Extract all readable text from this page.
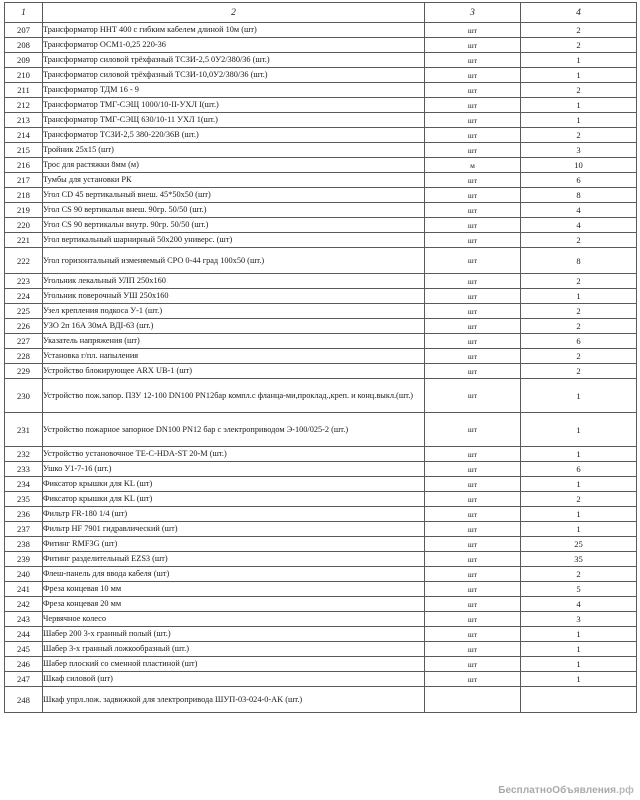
1	2	3	4
207	Трансформатор ННТ 400 с гибким кабелем длиной 10м (шт)	шт	2
208	Трансформатор ОСМ1-0,25 220-36	шт	2
209	Трансформатор силовой трёхфазный ТСЗИ-2,5 0У2/380/36 (шт.)	шт	1
210	Трансформатор силовой трёхфазный ТСЗИ-10,0У2/380/36 (шт.)	шт	1
211	Трансформатор ТДМ 16 - 9	шт	2
212	Трансформатор ТМГ-СЭЩ 1000/10-II-УХЛ I(шт.)	шт	1
213	Трансформатор ТМГ-СЭЩ 630/10-11 УХЛ 1(шт.)	шт	1
214	Трансформатор ТСЗИ-2,5 380-220/36В (шт.)	шт	2
215	Тройник 25х15 (шт)	шт	3
216	Трос для растяжки 8мм (м)	м	10
217	Тумбы для установки РК	шт	6
218	Угол CD 45 вертикальный внеш. 45*50х50 (шт)	шт	8
219	Угол CS 90 вертикальн внеш. 90гр. 50/50 (шт.)	шт	4
220	Угол CS 90 вертикальн внутр. 90гр. 50/50 (шт.)	шт	4
221	Угол вертикальный шарнирный 50х200 универс. (шт)	шт	2
222	Угол горизонтальный изменяемый СРО 0-44 град 100х50 (шт.)	шт	8
223	Угольник лекальный УЛП 250х160	шт	2
224	Угольник поверочный УШ 250х160	шт	1
225	Узел крепления подкоса У-1 (шт.)	шт	2
226	УЗО 2п 16А 30мА ВДI-63 (шт.)	шт	2
227	Указатель напряжения (шт)	шт	6
228	Установка г/пл. напыления	шт	2
229	Устройство блокирующее ARX UB-1 (шт)	шт	2
230	Устройство пож.запор. ПЗУ 12-100 DN100 PN12бар компл.с фланца-ми,проклад.,креп. и конц.выкл.(шт.)	шт	1
231	Устройство пожарное запорное DN100 PN12 бар с электроприводом Э-100/025-2 (шт.)	шт	1
232	Устройство установочное TE-C-HDA-ST 20-M (шт.)	шт	1
233	Ушко У1-7-16 (шт.)	шт	6
234	Фиксатор крышки для KL (шт)	шт	1
235	Фиксатор крышки для KL (шт)	шт	2
236	Фильтр FR-180 1/4 (шт)	шт	1
237	Фильтр HF 7901 гидравлический (шт)	шт	1
238	Фитинг RMF3G (шт)	шт	25
239	Фитинг разделительный EZS3 (шт)	шт	35
240	Флеш-панель для ввода кабеля (шт)	шт	2
241	Фреза концевая 10 мм	шт	5
242	Фреза концевая 20 мм	шт	4
243	Червячное колесо	шт	3
244	Шабер 200 3-х гранный полый (шт.)	шт	1
245	Шабер 3-х гранный ложкообразный (шт.)	шт	1
246	Шабер плоский со сменной пластиной (шт)	шт	1
247	Шкаф силовой (шт)	шт	1
248	Шкаф упрл.лож. задвижкой для электропривода ШУП-03-024-0-AK (шт.)		
БесплатноОбъявления.рф
